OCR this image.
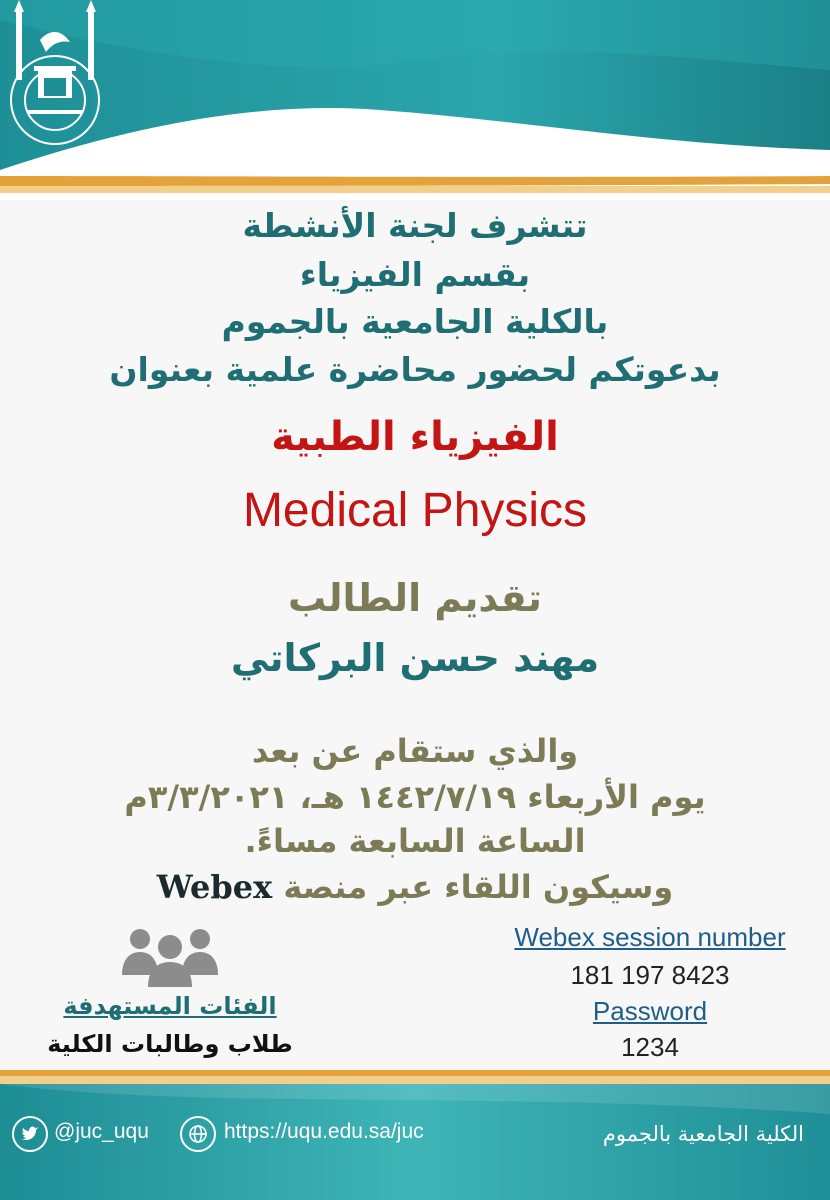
تتشرف لجنة الأنشطة
بقسم الفيزياء
بالكلية الجامعية بالجموم
بدعوتكم لحضور محاضرة علمية بعنوان
الفيزياء الطبية
Medical Physics
تقديم الطالب
مهند حسن البركاتي
والذي ستقام عن بعد
يوم الأربعاء ١٤٤٢/٧/١٩ هـ، ٣/٣/٢٠٢١م
الساعة السابعة مساءً.
وسيكون اللقاء عبر منصة Webex
الفئات المستهدفة
طلاب وطالبات الكلية
Webex session number
181 197 8423
Password
1234
@juc_uqu	https://uqu.edu.sa/juc	الكلية الجامعية بالجموم
